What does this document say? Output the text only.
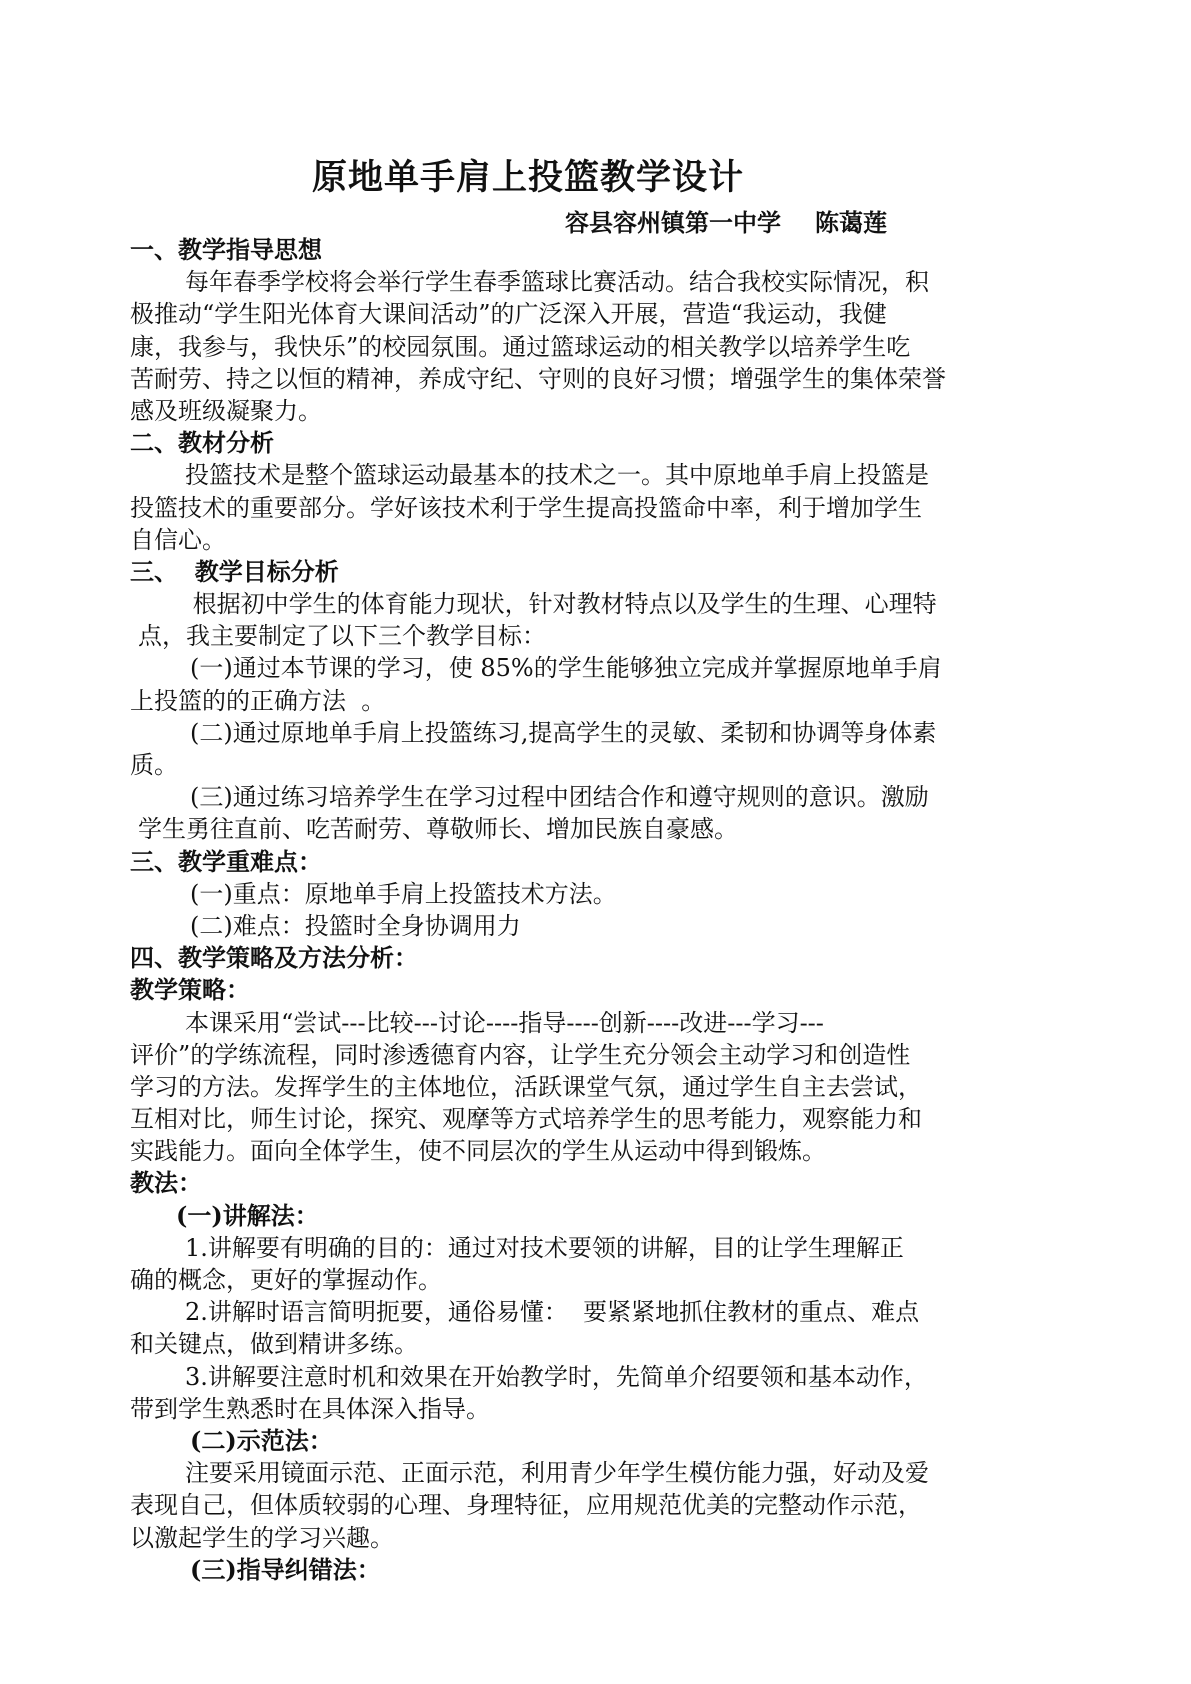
原地单手肩上投篮教学设计
容县容州镇第一中学 陈蔼莲
一、教学指导思想
每年春季学校将会举行学生春季篮球比赛活动。结合我校实际情况，积
极推动“学生阳光体育大课间活动”的广泛深入开展，营造“我运动，我健
康，我参与，我快乐”的校园氛围。通过篮球运动的相关教学以培养学生吃
苦耐劳、持之以恒的精神，养成守纪、守则的良好习惯；增强学生的集体荣誉
感及班级凝聚力。
二、教材分析
投篮技术是整个篮球运动最基本的技术之一。其中原地单手肩上投篮是
投篮技术的重要部分。学好该技术利于学生提高投篮命中率，利于增加学生
自信心。
三、  教学目标分析
根据初中学生的体育能力现状，针对教材特点以及学生的生理、心理特
点，我主要制定了以下三个教学目标：
(一)通过本节课的学习，使 85%的学生能够独立完成并掌握原地单手肩
上投篮的的正确方法  。
(二)通过原地单手肩上投篮练习,提高学生的灵敏、柔韧和协调等身体素
质。
(三)通过练习培养学生在学习过程中团结合作和遵守规则的意识。激励
学生勇往直前、吃苦耐劳、尊敬师长、增加民族自豪感。
三、教学重难点：
(一)重点：原地单手肩上投篮技术方法。
(二)难点：投篮时全身协调用力
四、教学策略及方法分析：
教学策略：
本课采用“尝试---比较---讨论----指导----创新----改进---学习---
评价”的学练流程，同时渗透德育内容，让学生充分领会主动学习和创造性
学习的方法。发挥学生的主体地位，活跃课堂气氛，通过学生自主去尝试，
互相对比，师生讨论，探究、观摩等方式培养学生的思考能力，观察能力和
实践能力。面向全体学生，使不同层次的学生从运动中得到锻炼。
教法：
(一)讲解法：
1.讲解要有明确的目的：通过对技术要领的讲解，目的让学生理解正
确的概念，更好的掌握动作。
2.讲解时语言简明扼要，通俗易懂：  要紧紧地抓住教材的重点、难点
和关键点，做到精讲多练。
3.讲解要注意时机和效果在开始教学时，先简单介绍要领和基本动作，
带到学生熟悉时在具体深入指导。
(二)示范法：
注要采用镜面示范、正面示范，利用青少年学生模仿能力强，好动及爱
表现自己，但体质较弱的心理、身理特征，应用规范优美的完整动作示范，
以激起学生的学习兴趣。
(三)指导纠错法：
